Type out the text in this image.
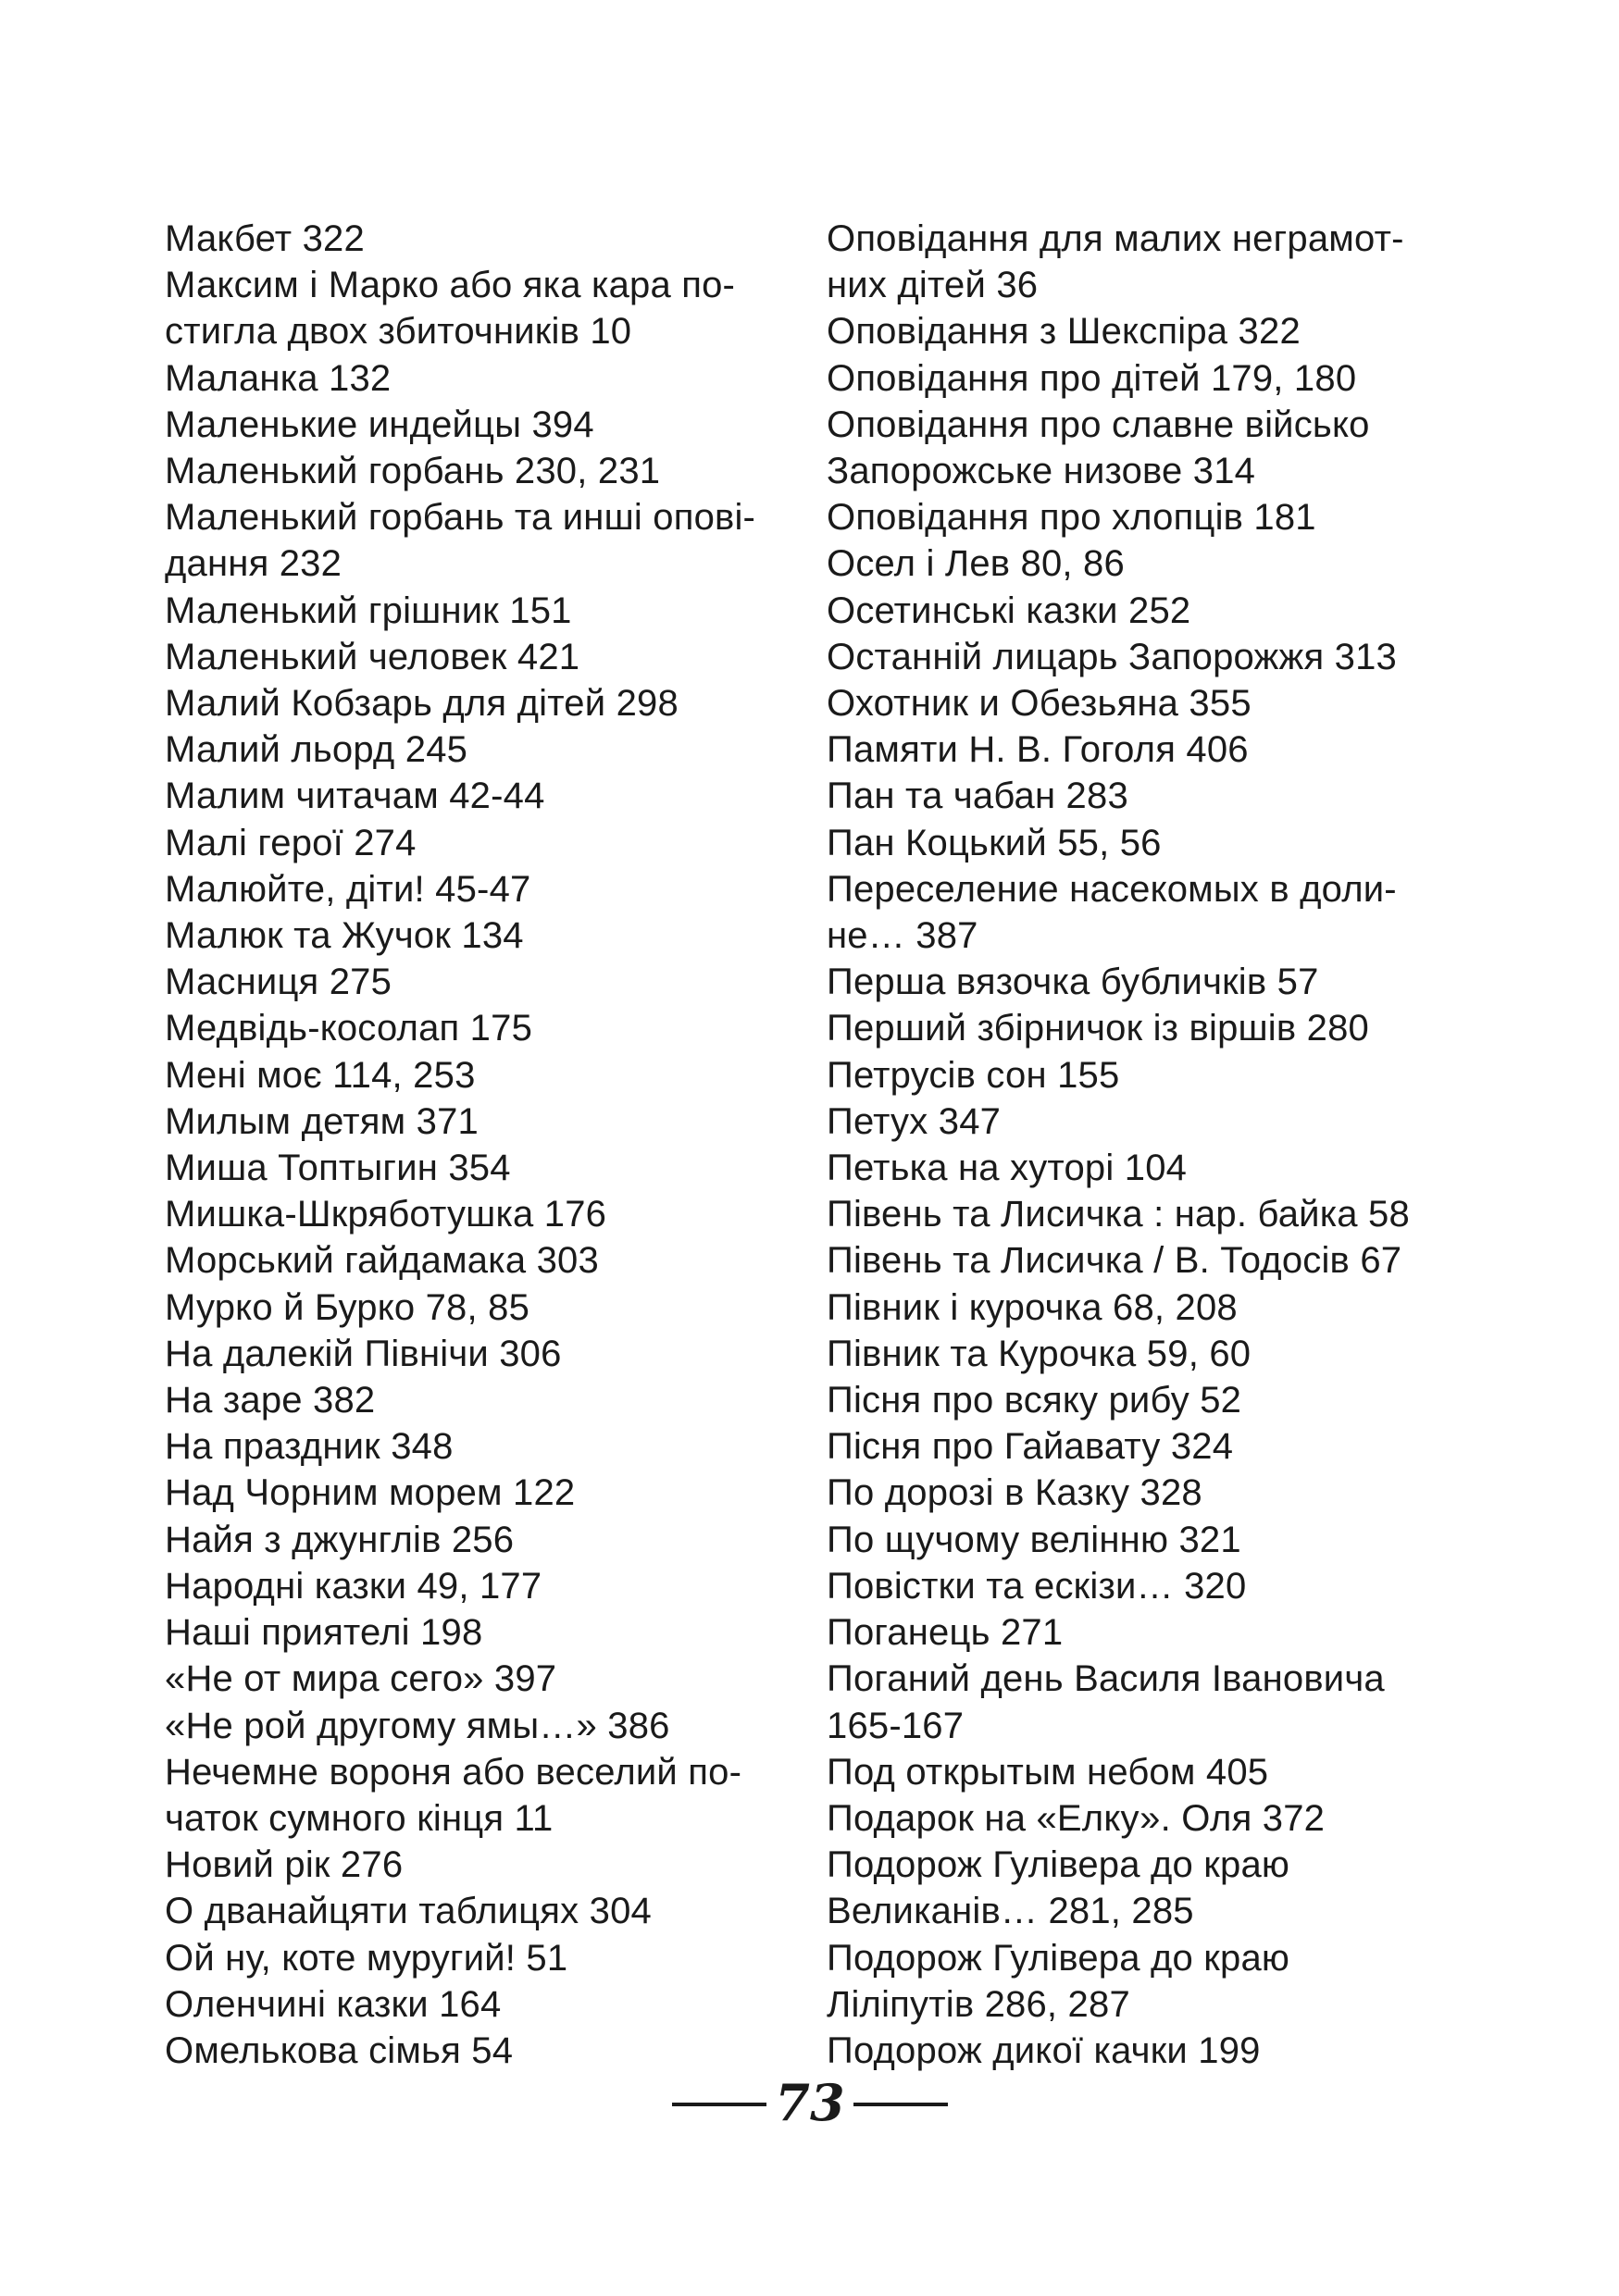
Макбет 322
Максим і Марко або яка кара по-
стигла двох збиточників 10
Маланка 132
Маленькие индейцы 394
Маленький горбань 230, 231
Маленький горбань та инші опові-
дання 232
Маленький грішник 151
Маленький человек 421
Малий Кобзарь для дітей 298
Малий льорд 245
Малим читачам 42-44
Малі герої 274
Малюйте, діти! 45-47
Малюк та Жучок 134
Масниця 275
Медвідь-косолап 175
Мені моє 114, 253
Милым детям 371
Миша Топтыгин 354
Мишка-Шкряботушка 176
Морський гайдамака 303
Мурко й Бурко 78, 85
На далекій Північи 306
На заре 382
На праздник 348
Над Чорним морем 122
Найя з джунглів 256
Народні казки 49, 177
Наші приятелі 198
«Не от мира сего» 397
«Не рой другому ямы…» 386
Нечемне вороня або веселий по-
чаток сумного кінця 11
Новий рік 276
О дванайцяти таблицях 304
Ой ну, коте муругий! 51
Оленчині казки 164
Омелькова сімья 54
Оповідання для малих неграмот-
них дітей 36
Оповідання з Шекспіра 322
Оповідання про дітей 179, 180
Оповідання про славне військо
Запорожське низове 314
Оповідання про хлопців 181
Осел і Лев 80, 86
Осетинські казки 252
Останній лицарь Запорожжя 313
Охотник и Обезьяна 355
Памяти Н. В. Гоголя 406
Пан та чабан 283
Пан Коцький 55, 56
Переселение насекомых в доли-
не… 387
Перша вязочка бубличків 57
Перший збірничок із віршів 280
Петрусів сон 155
Петух 347
Петька на хуторі 104
Півень та Лисичка : нар. байка 58
Півень та Лисичка / В. Тодосів 67
Півник і курочка 68, 208
Півник та Курочка 59, 60
Пісня про всяку рибу 52
Пісня про Гайавату 324
По дорозі в Казку 328
По щучому велінню 321
Повістки та ескізи… 320
Поганець 271
Поганий день Василя Івановича
165-167
Под открытым небом 405
Подарок на «Елку». Оля 372
Подорож Гулівера до краю
Великанів… 281, 285
Подорож Гулівера до краю
Ліліпутів 286, 287
Подорож дикої качки 199
73
